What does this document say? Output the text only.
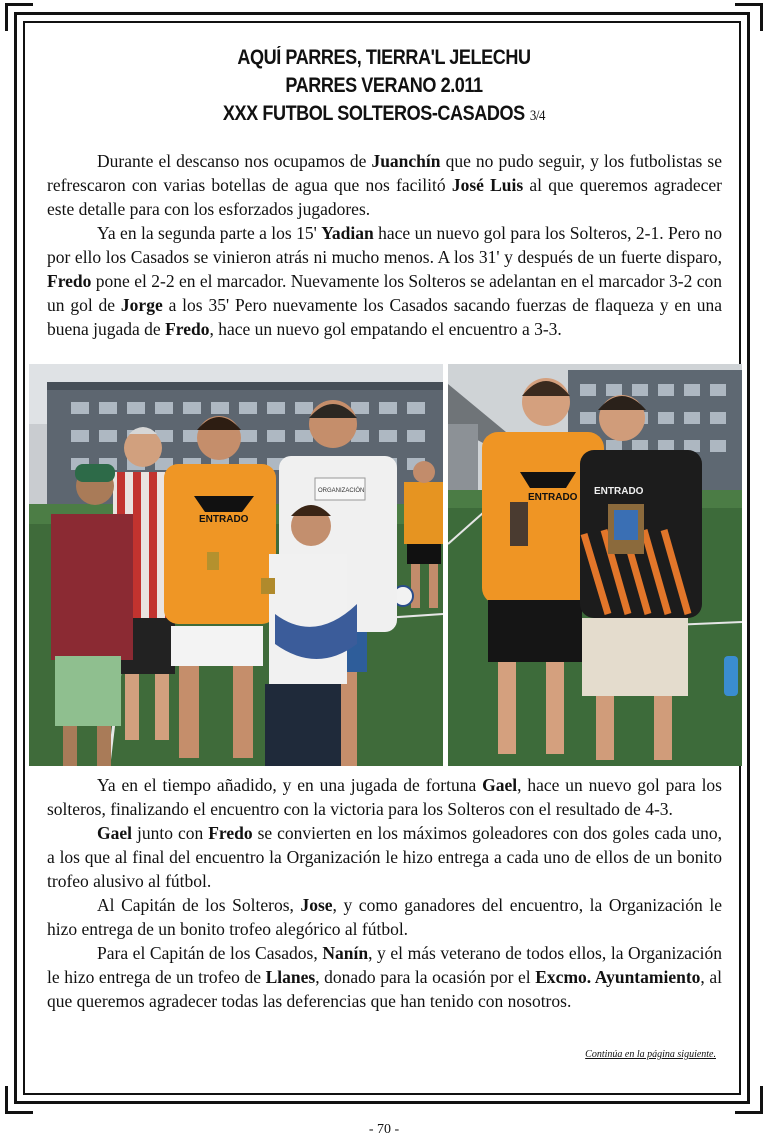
AQUÍ PARRES, TIERRA'L JELECHU
PARRES VERANO 2.011
XXX FUTBOL SOLTEROS-CASADOS 3/4
Durante el descanso nos ocupamos de Juanchín que no pudo seguir, y los futbolistas se refrescaron con varias botellas de agua que nos facilitó José Luis al que queremos agradecer este detalle para con los esforzados jugadores.
Ya en la segunda parte a los 15' Yadian hace un nuevo gol para los Solteros, 2-1. Pero no por ello los Casados se vinieron atrás ni mucho menos. A los 31' y después de un fuerte disparo, Fredo pone el 2-2 en el marcador. Nuevamente los Solteros se adelantan en el marcador 3-2 con un gol de Jorge a los 35' Pero nuevamente los Casados sacando fuerzas de flaqueza y en una buena jugada de Fredo, hace un nuevo gol empatando el encuentro a 3-3.
ENTRADO
ORGANIZACIÓN
ENTRADO
ENTRADO
Ya en el tiempo añadido, y en una jugada de fortuna Gael, hace un nuevo gol para los solteros, finalizando el encuentro con la victoria para los Solteros con el resultado de 4-3.
Gael junto con Fredo se convierten en los máximos goleadores con dos goles cada uno, a los que al final del encuentro la Organización le hizo entrega a cada uno de ellos de un bonito trofeo alusivo al fútbol.
Al Capitán de los Solteros, Jose, y como ganadores del encuentro, la Organización le hizo entrega de un bonito trofeo alegórico al fútbol.
Para el Capitán de los Casados, Nanín, y el más veterano de todos ellos, la Organización le hizo entrega de un trofeo de Llanes, donado para la ocasión por el Excmo. Ayuntamiento, al que queremos agradecer todas las deferencias que han tenido con nosotros.
Continúa en la página siguiente.
- 70 -
